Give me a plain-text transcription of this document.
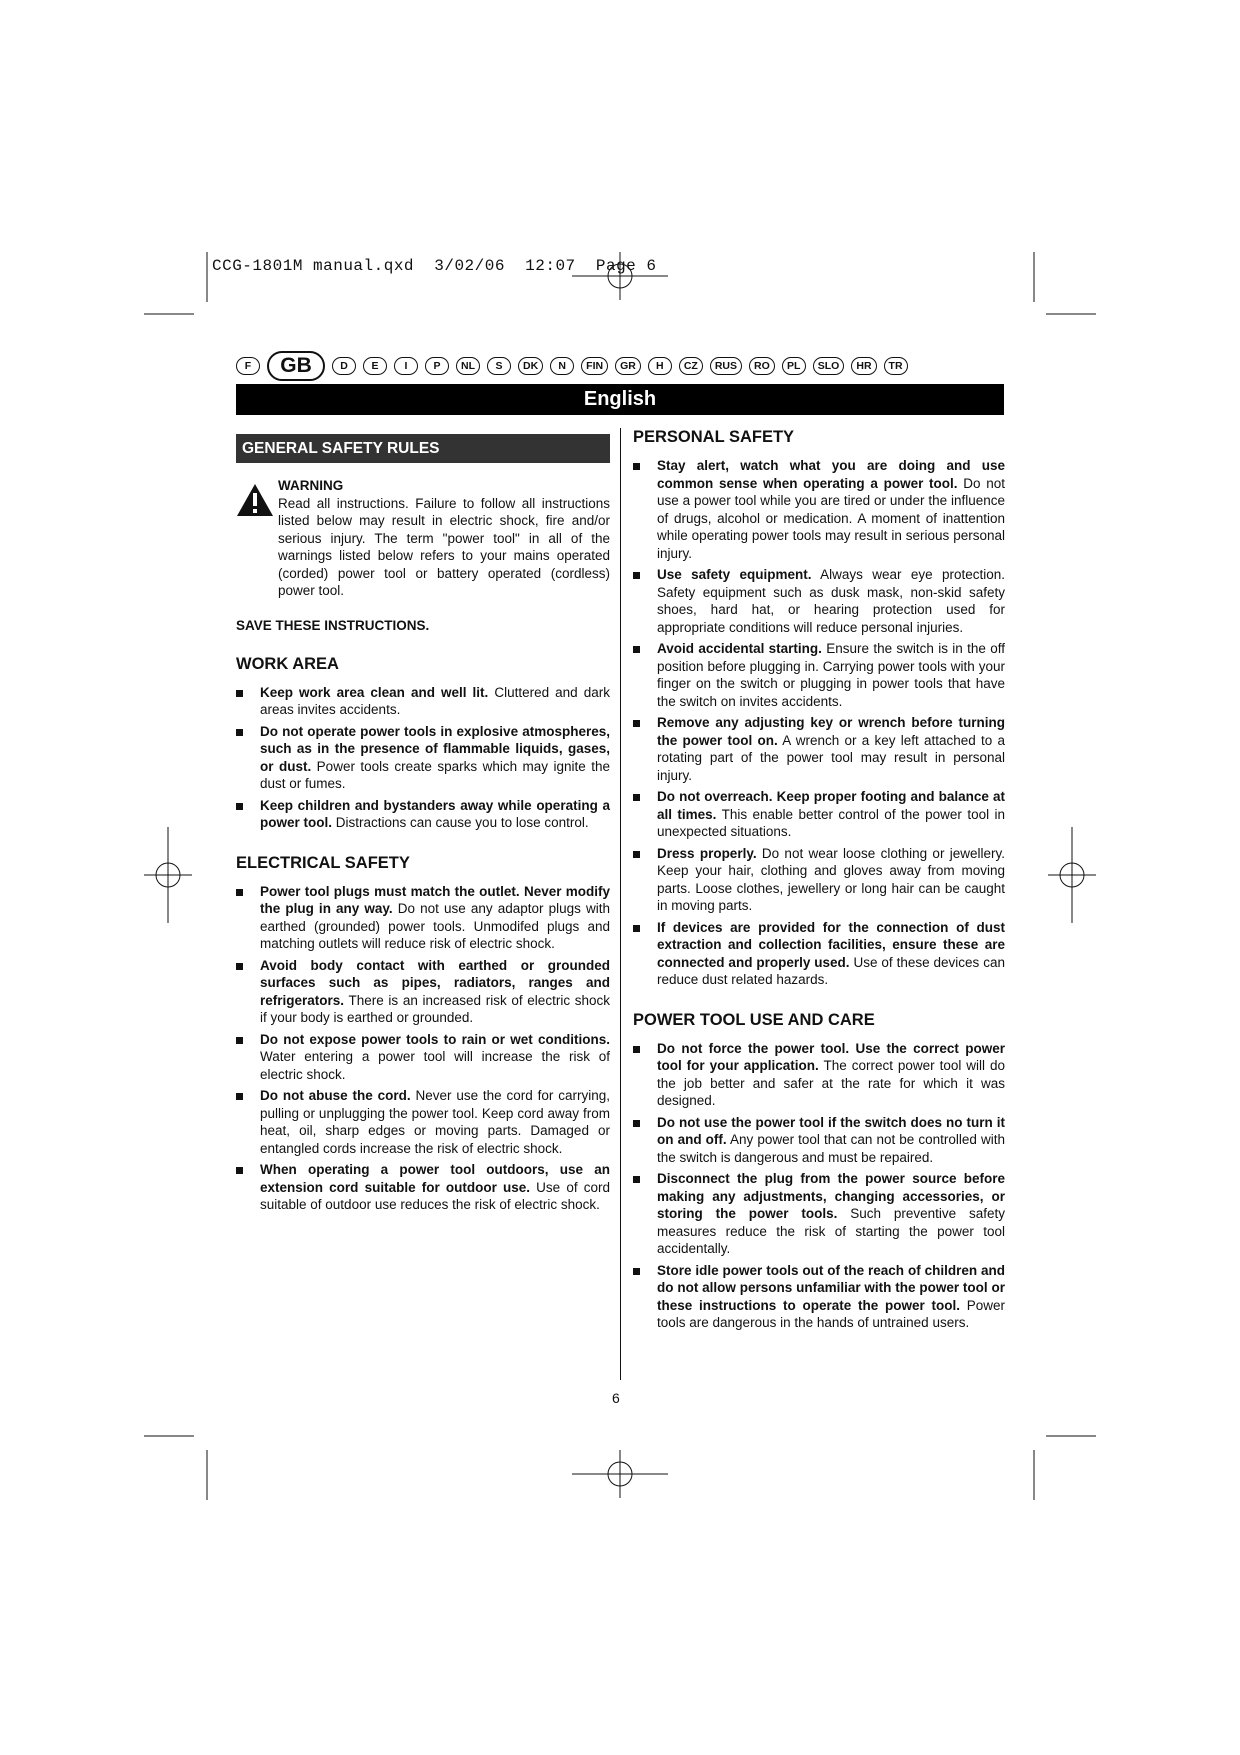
CCG-1801M manual.qxd  3/02/06  12:07  Page 6
F	GB	D	E	I	P	NL	S	DK	N	FIN	GR	H	CZ	RUS	RO	PL	SLO	HR	TR
English
GENERAL SAFETY RULES
WARNING
Read all instructions. Failure to follow all instructions listed below may result in electric shock, fire and/or serious injury. The term "power tool" in all of the warnings listed below refers to your mains operated (corded) power tool or battery operated (cordless) power tool.
SAVE THESE INSTRUCTIONS.
WORK AREA
Keep work area clean and well lit. Cluttered and dark areas invites accidents.
Do not operate power tools in explosive atmospheres, such as in the presence of flammable liquids, gases, or dust. Power tools create sparks which may ignite the dust or fumes.
Keep children and bystanders away while operating a power tool. Distractions can cause you to lose control.
ELECTRICAL SAFETY
Power tool plugs must match the outlet. Never modify the plug in any way. Do not use any adaptor plugs with earthed (grounded) power tools. Unmodifed plugs and matching outlets will reduce risk of electric shock.
Avoid body contact with earthed or grounded surfaces such as pipes, radiators, ranges and refrigerators. There is an increased risk of electric shock if your body is earthed or grounded.
Do not expose power tools to rain or wet conditions. Water entering a power tool will increase the risk of electric shock.
Do not abuse the cord. Never use the cord for carrying, pulling or unplugging the power tool. Keep cord away from heat, oil, sharp edges or moving parts. Damaged or entangled cords increase the risk of electric shock.
When operating a power tool outdoors, use an extension cord suitable for outdoor use. Use of cord suitable of outdoor use reduces the risk of electric shock.
PERSONAL SAFETY
Stay alert, watch what you are doing and use common sense when operating a power tool. Do not use a power tool while you are tired or under the influence of drugs, alcohol or medication. A moment of inattention while operating power tools may result in serious personal injury.
Use safety equipment. Always wear eye protection. Safety equipment such as dusk mask, non-skid safety shoes, hard hat, or hearing protection used for appropriate conditions will reduce personal injuries.
Avoid accidental starting. Ensure the switch is in the off position before plugging in. Carrying power tools with your finger on the switch or plugging in power tools that have the switch on invites accidents.
Remove any adjusting key or wrench before turning the power tool on. A wrench or a key left attached to a rotating part of the power tool may result in personal injury.
Do not overreach. Keep proper footing and balance at all times. This enable better control of the power tool in unexpected situations.
Dress properly. Do not wear loose clothing or jewellery. Keep your hair, clothing and gloves away from moving parts. Loose clothes, jewellery or long hair can be caught in moving parts.
If devices are provided for the connection of dust extraction and collection facilities, ensure these are connected and properly used. Use of these devices can reduce dust related hazards.
POWER TOOL USE AND CARE
Do not force the power tool. Use the correct power tool for your application. The correct power tool will do the job better and safer at the rate for which it was designed.
Do not use the power tool if the switch does no turn it on and off. Any power tool that can not be controlled with the switch is dangerous and must be repaired.
Disconnect the plug from the power source before making any adjustments, changing accessories, or storing the power tools. Such preventive safety measures reduce the risk of starting the power tool accidentally.
Store idle power tools out of the reach of children and do not allow persons unfamiliar with the power tool or these instructions to operate the power tool. Power tools are dangerous in the hands of untrained users.
6
